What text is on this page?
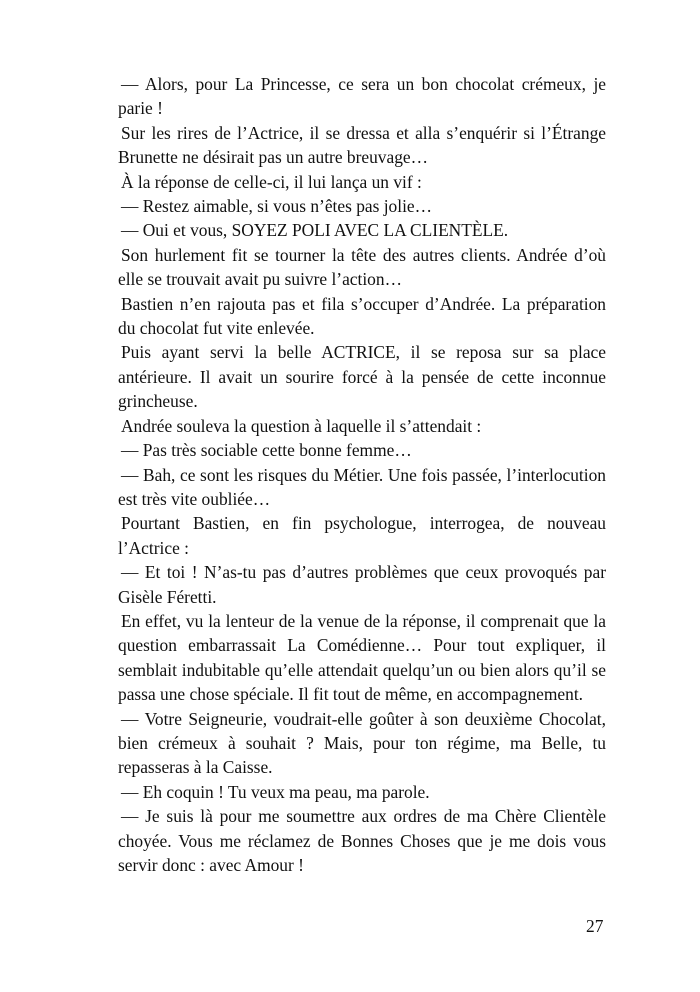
— Alors, pour La Princesse, ce sera un bon chocolat crémeux, je parie !

Sur les rires de l’Actrice, il se dressa et alla s’enquérir si l’Étrange Brunette ne désirait pas un autre breuvage…

À la réponse de celle-ci, il lui lança un vif :

— Restez aimable, si vous n’êtes pas jolie…

— Oui et vous, SOYEZ POLI AVEC LA CLIENTÈLE.

Son hurlement fit se tourner la tête des autres clients. Andrée d’où elle se trouvait avait pu suivre l’action…

Bastien n’en rajouta pas et fila s’occuper d’Andrée. La préparation du chocolat fut vite enlevée.

Puis ayant servi la belle ACTRICE, il se reposa sur sa place antérieure. Il avait un sourire forcé à la pensée de cette inconnue grincheuse.

Andrée souleva la question à laquelle il s’attendait :

— Pas très sociable cette bonne femme…

— Bah, ce sont les risques du Métier. Une fois passée, l’interlocution est très vite oubliée…

Pourtant Bastien, en fin psychologue, interrogea, de nouveau l’Actrice :

— Et toi ! N’as-tu pas d’autres problèmes que ceux provoqués par Gisèle Féretti.

En effet, vu la lenteur de la venue de la réponse, il comprenait que la question embarrassait La Comédienne… Pour tout expliquer, il semblait indubitable qu’elle attendait quelqu’un ou bien alors qu’il se passa une chose spéciale. Il fit tout de même, en accompagnement.

— Votre Seigneurie, voudrait-elle goûter à son deuxième Chocolat, bien crémeux à souhait ? Mais, pour ton régime, ma Belle, tu repasseras à la Caisse.

— Eh coquin ! Tu veux ma peau, ma parole.

— Je suis là pour me soumettre aux ordres de ma Chère Clientèle choyée. Vous me réclamez de Bonnes Choses que je me dois vous servir donc : avec Amour !

27
